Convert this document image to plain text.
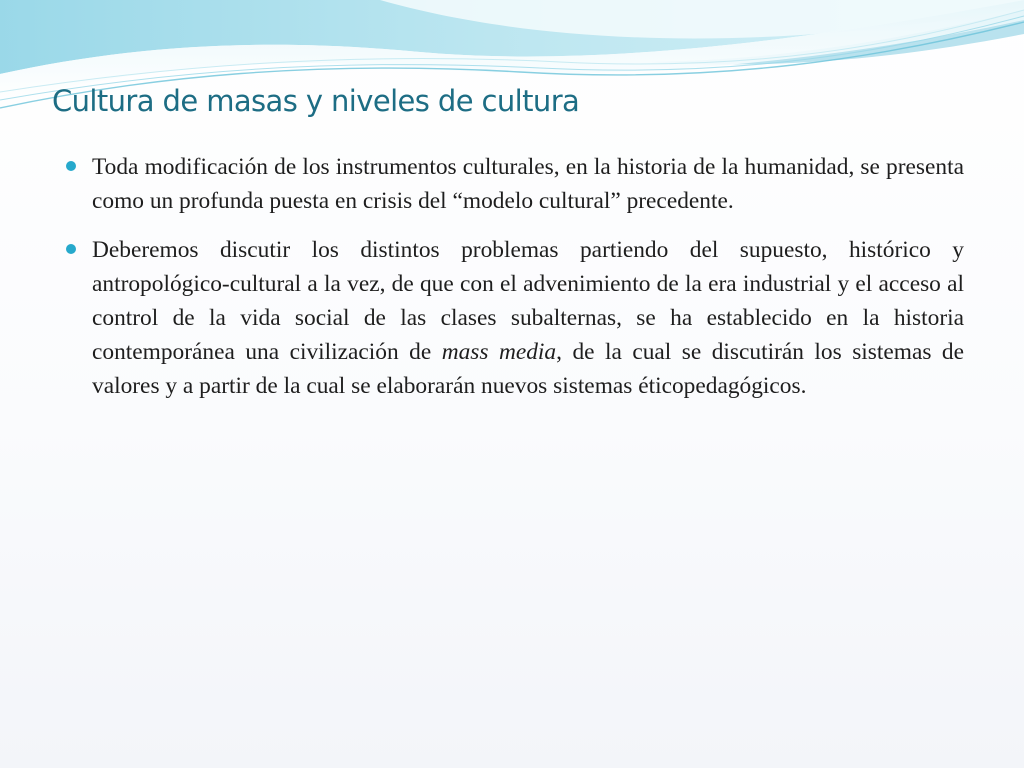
Cultura de masas y niveles de cultura

Toda modificación de los instrumentos culturales, en la historia de la humanidad, se presenta como un profunda puesta en crisis del “modelo cultural” precedente.

Deberemos discutir los distintos problemas partiendo del supuesto, histórico y antropológico-cultural a la vez, de que con el advenimiento de la era industrial y el acceso al control de la vida social de las clases subalternas, se ha establecido en la historia contemporánea una civilización de mass media, de la cual se discutirán los sistemas de valores y a partir de la cual se elaborarán nuevos sistemas éticopedagógicos.
